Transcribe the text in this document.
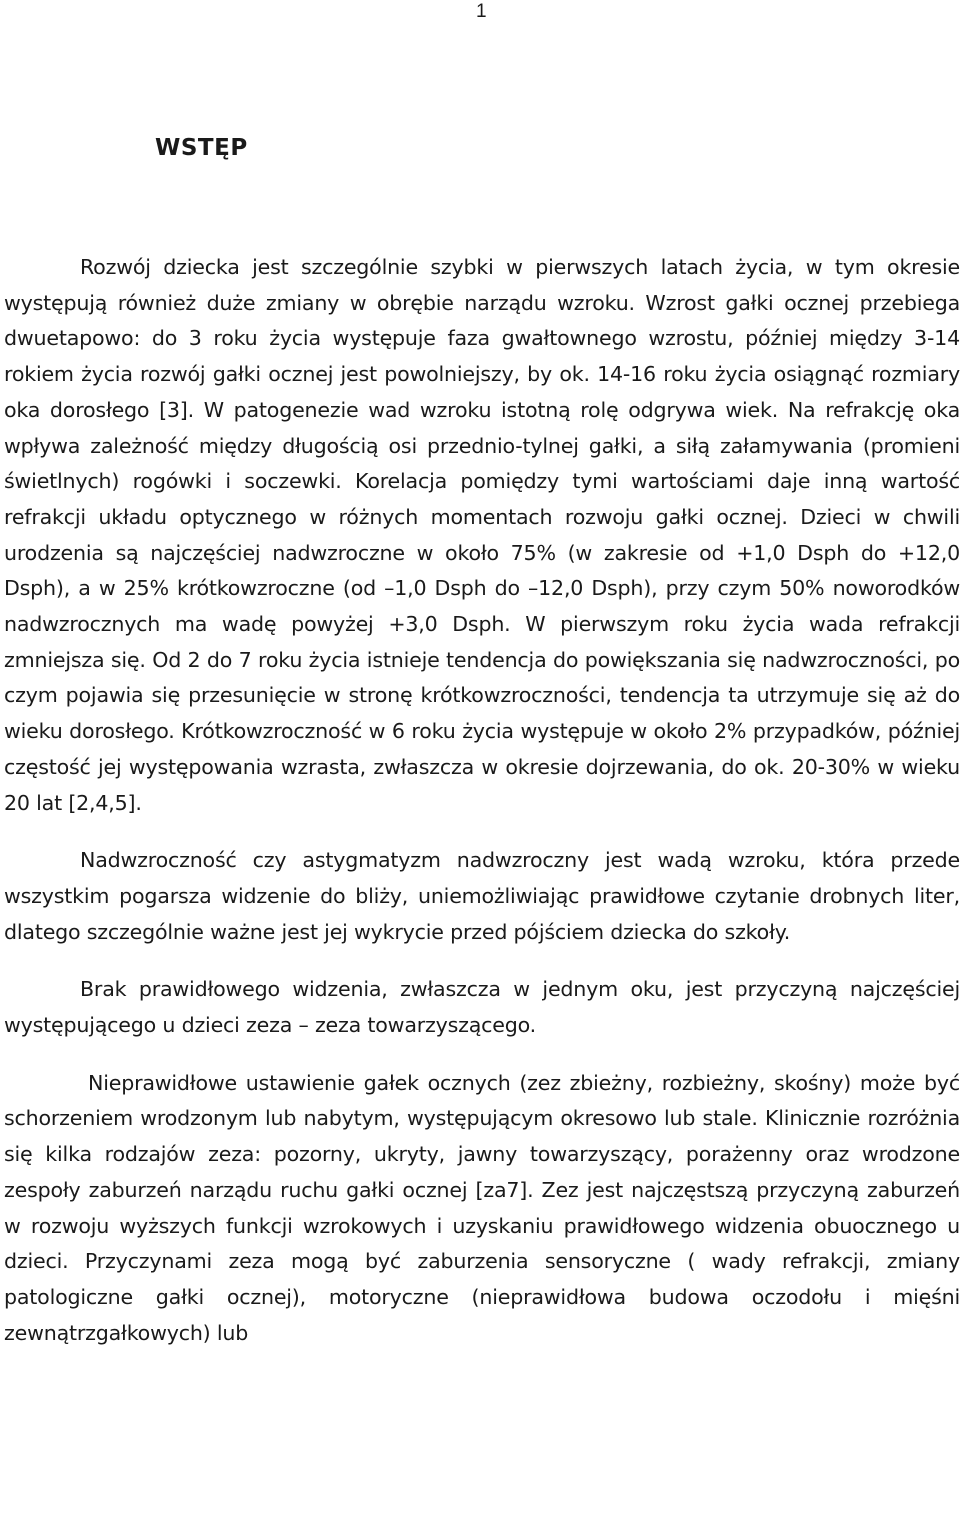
1
WSTĘP

Rozwój dziecka jest szczególnie szybki w pierwszych latach życia, w tym okresie występują również duże zmiany w obrębie narządu wzroku. Wzrost gałki ocznej przebiega dwuetapowo: do 3 roku życia występuje faza gwałtownego wzrostu, później między 3-14 rokiem życia rozwój gałki ocznej jest powolniejszy, by ok. 14-16 roku życia osiągnąć rozmiary oka dorosłego [3]. W patogenezie wad wzroku istotną rolę odgrywa wiek. Na refrakcję oka wpływa zależność między długością osi przednio-tylnej gałki, a siłą załamywania (promieni świetlnych) rogówki i soczewki. Korelacja pomiędzy tymi wartościami daje inną wartość refrakcji układu optycznego w różnych momentach rozwoju gałki ocznej. Dzieci w chwili urodzenia są najczęściej nadwzroczne w około 75% (w zakresie od +1,0 Dsph do +12,0 Dsph), a w 25% krótkowzroczne (od –1,0 Dsph do –12,0 Dsph), przy czym 50% noworodków nadwzrocznych ma wadę powyżej +3,0 Dsph. W pierwszym roku życia wada refrakcji zmniejsza się. Od 2 do 7 roku życia istnieje tendencja do powiększania się nadwzroczności, po czym pojawia się przesunięcie w stronę krótkowzroczności, tendencja ta utrzymuje się aż do wieku dorosłego. Krótkowzroczność w 6 roku życia występuje w około 2% przypadków, później częstość jej występowania wzrasta, zwłaszcza w okresie dojrzewania, do ok. 20-30% w wieku 20 lat [2,4,5].

Nadwzroczność czy astygmatyzm nadwzroczny jest wadą wzroku, która przede wszystkim pogarsza widzenie do bliży, uniemożliwiając prawidłowe czytanie drobnych liter, dlatego szczególnie ważne jest jej wykrycie przed pójściem dziecka do szkoły.

Brak prawidłowego widzenia, zwłaszcza w jednym oku, jest przyczyną najczęściej występującego u dzieci zeza – zeza towarzyszącego.

Nieprawidłowe ustawienie gałek ocznych (zez zbieżny, rozbieżny, skośny) może być schorzeniem wrodzonym lub nabytym, występującym okresowo lub stale. Klinicznie rozróżnia się kilka rodzajów zeza: pozorny, ukryty, jawny towarzyszący, porażenny oraz wrodzone zespoły zaburzeń narządu ruchu gałki ocznej [za7]. Zez jest najczęstszą przyczyną zaburzeń w rozwoju wyższych funkcji wzrokowych i uzyskaniu prawidłowego widzenia obuocznego u dzieci. Przyczynami zeza mogą być zaburzenia sensoryczne ( wady refrakcji, zmiany patologiczne gałki ocznej), motoryczne (nieprawidłowa budowa oczodołu i mięśni zewnątrzgałkowych) lub
